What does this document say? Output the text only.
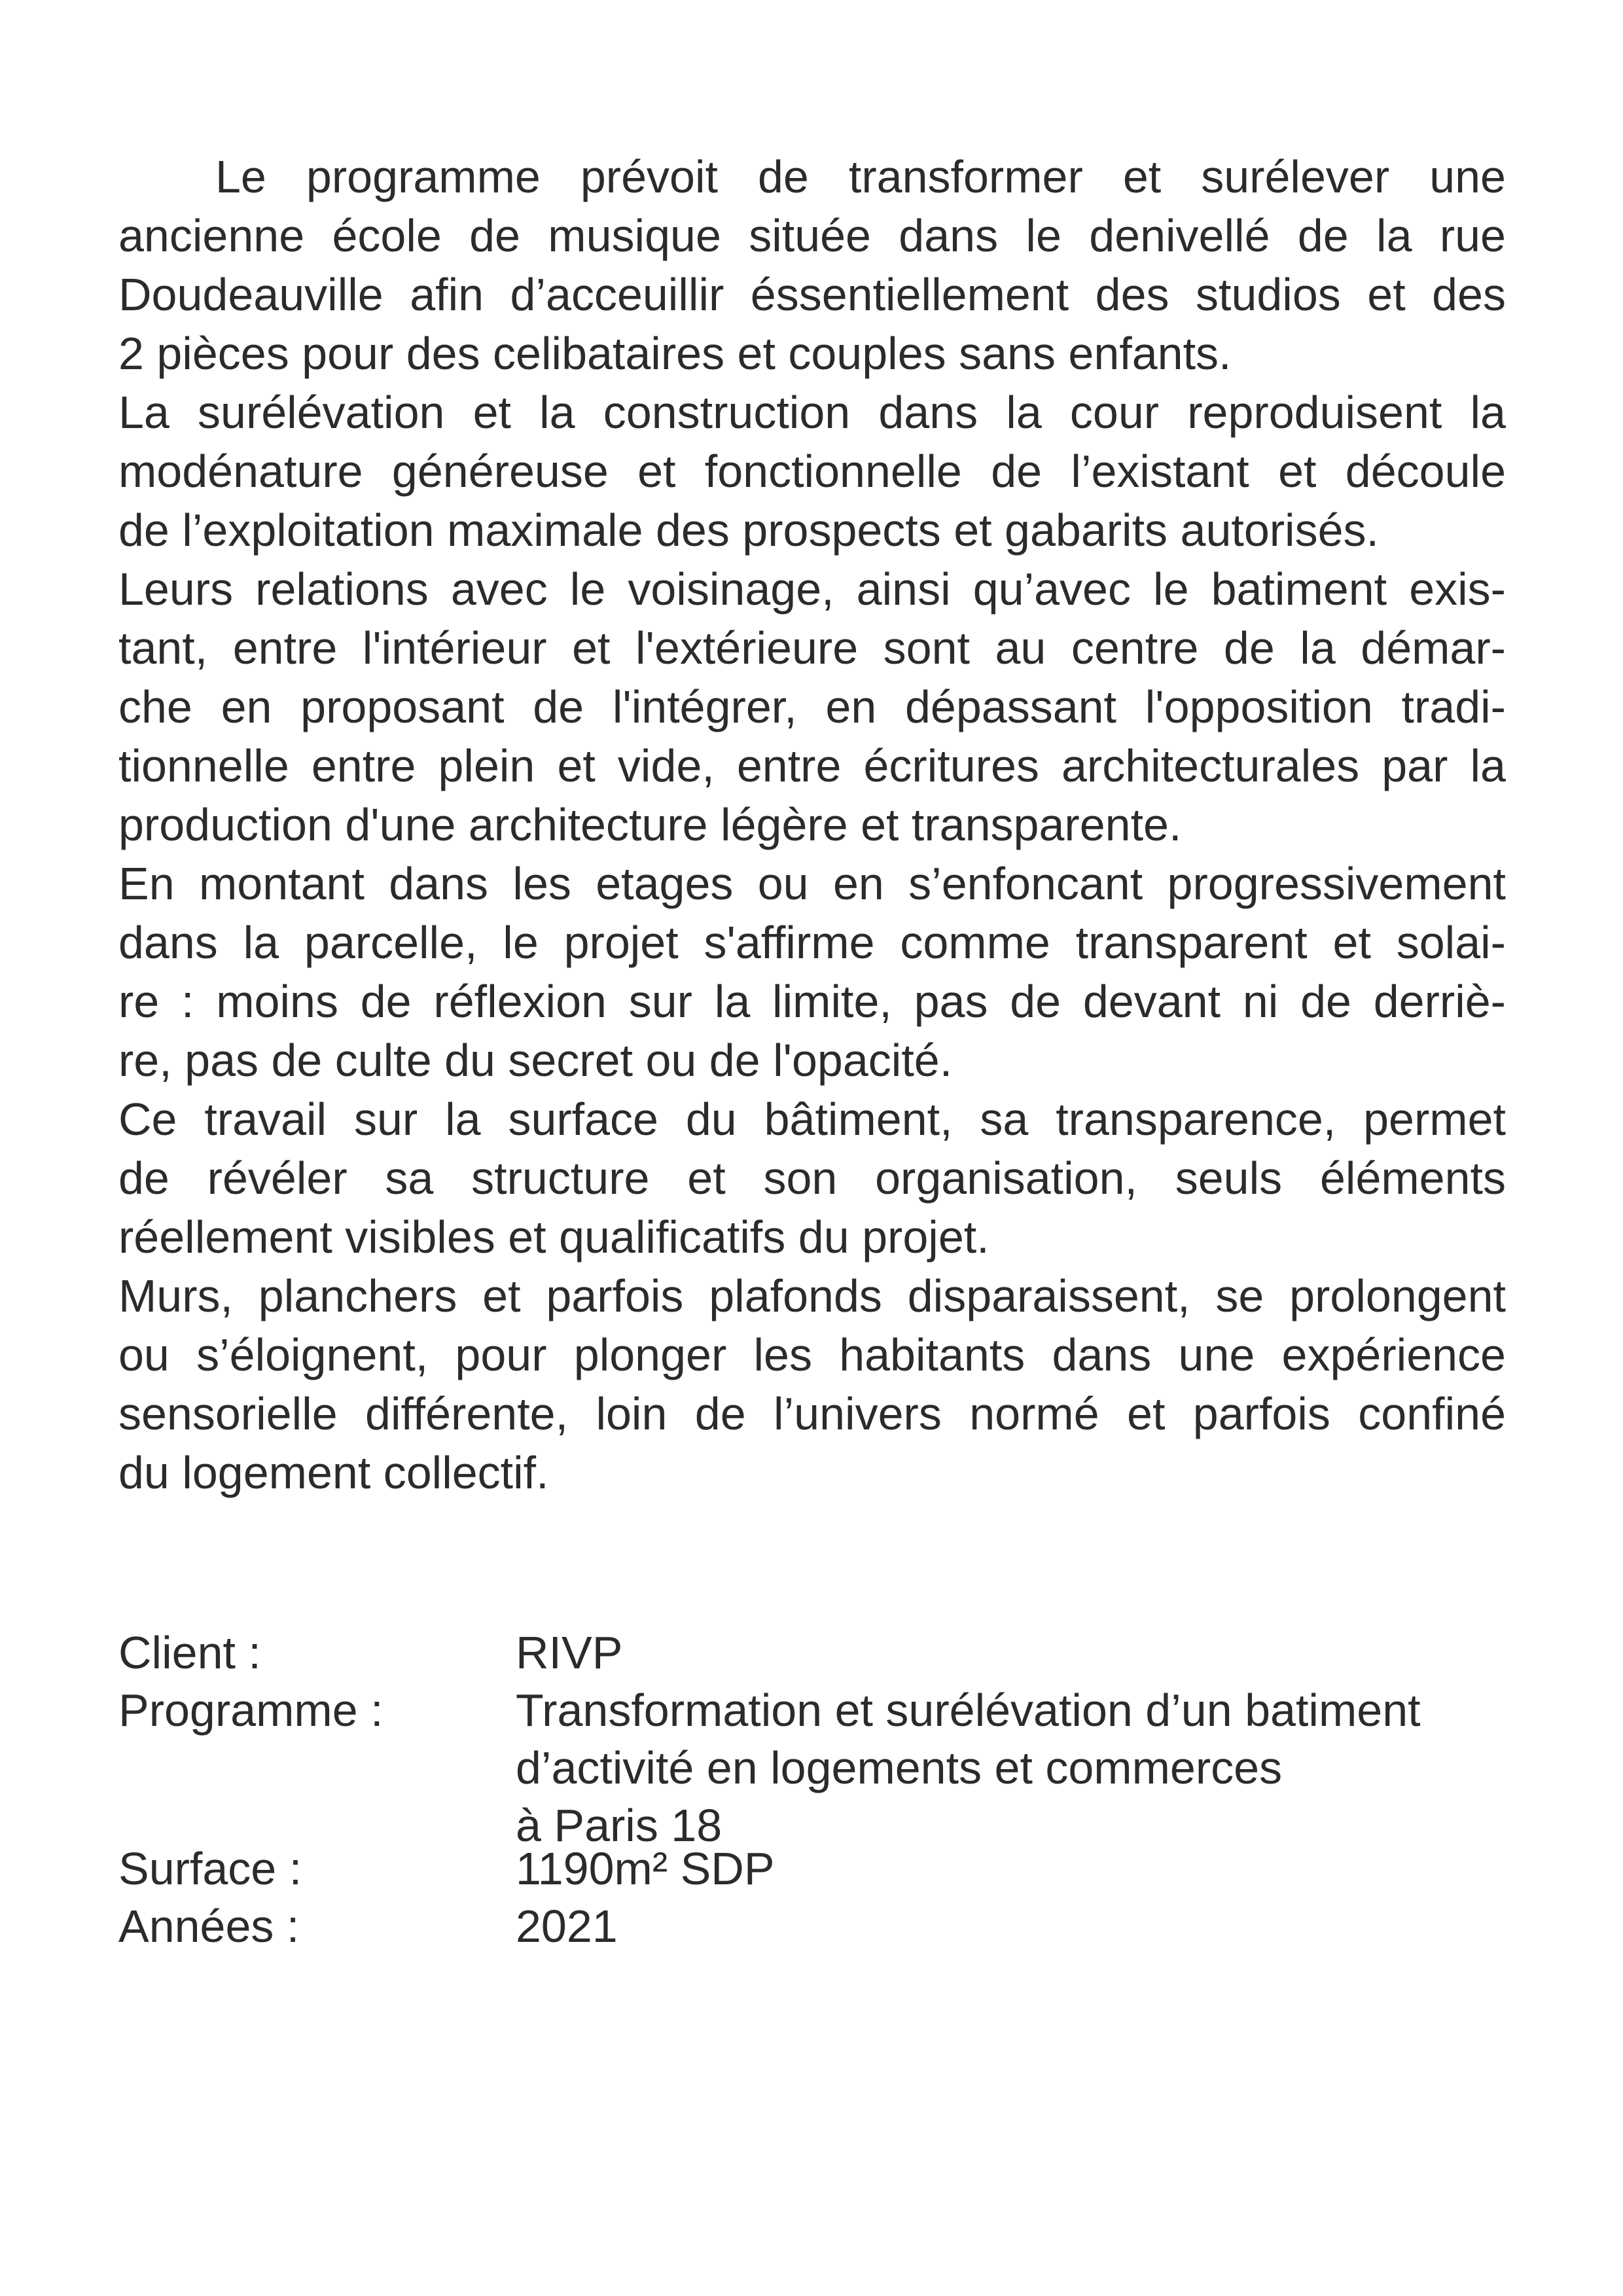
Le programme prévoit de transformer et surélever une
ancienne école de musique située dans le denivellé de la rue
Doudeauville afin d’acceuillir éssentiellement des studios et des
2 pièces pour des celibataires et couples sans enfants.
La surélévation et la construction dans la cour reproduisent la
modénature généreuse et fonctionnelle de l’existant et découle
de l’exploitation maximale des prospects et gabarits autorisés.
Leurs relations avec le voisinage, ainsi qu’avec le batiment exis-
tant, entre l'intérieur et l'extérieure sont au centre de la démar-
che en proposant de l'intégrer, en dépassant l'opposition tradi-
tionnelle entre plein et vide, entre écritures architecturales par la
production d'une architecture légère et transparente.
En montant dans les etages ou en s’enfoncant progressivement
dans la parcelle, le projet s'affirme comme transparent et solai-
re : moins de réflexion sur la limite, pas de devant ni de derriè-
re, pas de culte du secret ou de l'opacité.
Ce travail sur la surface du bâtiment, sa transparence, permet
de révéler sa structure et son organisation, seuls éléments
réellement visibles et qualificatifs du projet.
Murs, planchers et parfois plafonds disparaissent, se prolongent
ou s’éloignent, pour plonger les habitants dans une expérience
sensorielle différente, loin de l’univers normé et parfois confiné
du logement collectif.
Client :	RIVP
Programme :	Transformation et surélévation d’un batiment
d’activité en logements et commerces
à Paris 18
Surface :	1190m² SDP
Années :	2021
